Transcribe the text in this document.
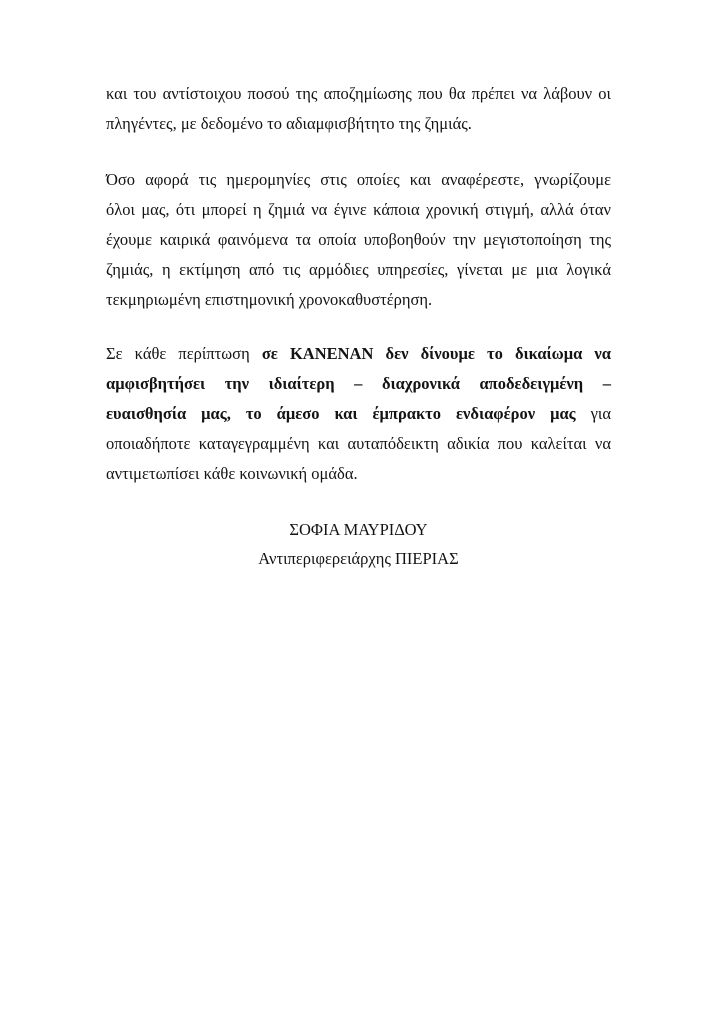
και του αντίστοιχου ποσού της αποζημίωσης που θα πρέπει να λάβουν οι
πληγέντες, με δεδομένο το αδιαμφισβήτητο της ζημιάς.
Όσο αφορά τις ημερομηνίες στις οποίες και αναφέρεστε, γνωρίζουμε
όλοι μας, ότι μπορεί η ζημιά να έγινε κάποια χρονική στιγμή, αλλά όταν
έχουμε καιρικά φαινόμενα τα οποία υποβοηθούν την μεγιστοποίηση της
ζημιάς, η εκτίμηση από τις αρμόδιες υπηρεσίες, γίνεται με μια λογικά
τεκμηριωμένη επιστημονική χρονοκαθυστέρηση.
Σε κάθε περίπτωση σε ΚΑΝΕΝΑΝ δεν δίνουμε το δικαίωμα να
αμφισβητήσει την ιδιαίτερη – διαχρονικά αποδεδειγμένη –
ευαισθησία μας, το άμεσο και έμπρακτο ενδιαφέρον μας για
οποιαδήποτε καταγεγραμμένη και αυταπόδεικτη αδικία που καλείται να
αντιμετωπίσει κάθε κοινωνική ομάδα.
ΣΟΦΙΑ ΜΑΥΡΙΔΟΥ
Αντιπεριφερειάρχης ΠΙΕΡΙΑΣ
